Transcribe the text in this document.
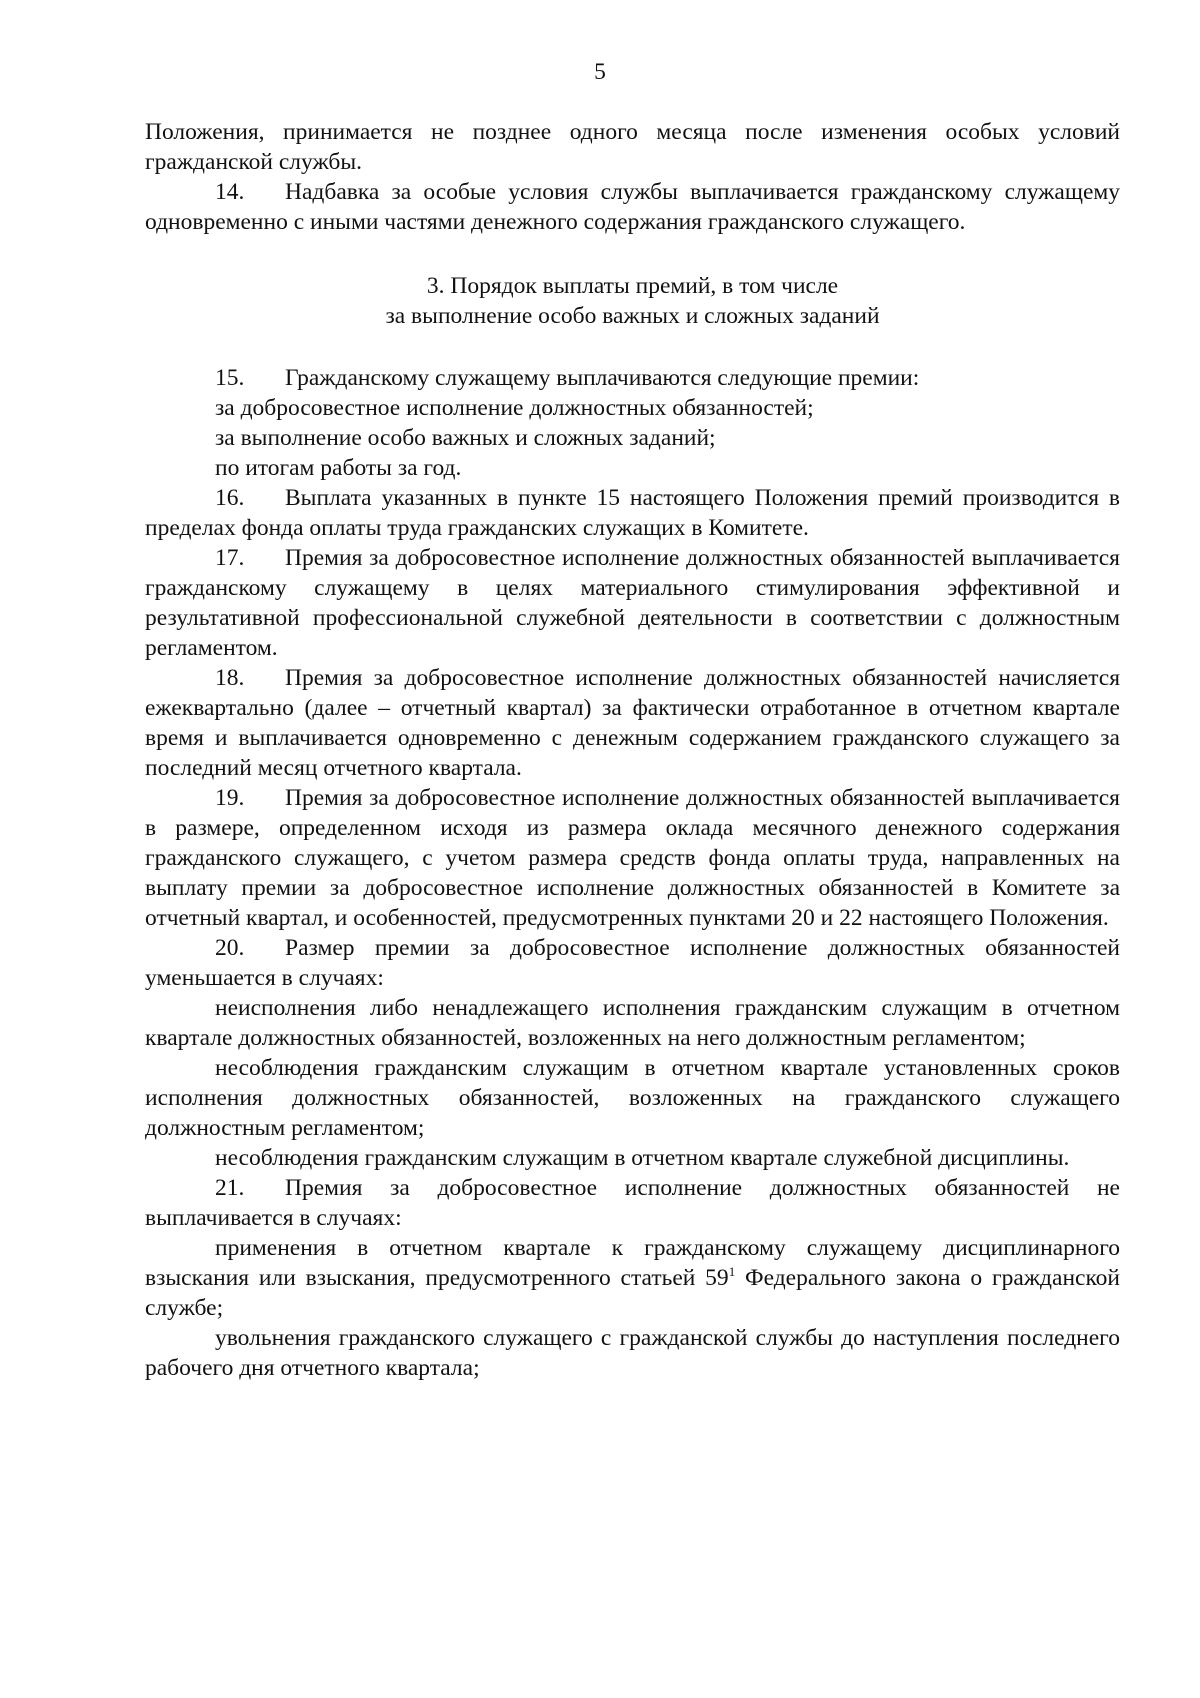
5

Положения, принимается не позднее одного месяца после изменения особых условий гражданской службы.

14. Надбавка за особые условия службы выплачивается гражданскому служащему одновременно с иными частями денежного содержания гражданского служащего.

3. Порядок выплаты премий, в том числе
за выполнение особо важных и сложных заданий

15. Гражданскому служащему выплачиваются следующие премии:

за добросовестное исполнение должностных обязанностей;

за выполнение особо важных и сложных заданий;

по итогам работы за год.

16. Выплата указанных в пункте 15 настоящего Положения премий производится в пределах фонда оплаты труда гражданских служащих в Комитете.

17. Премия за добросовестное исполнение должностных обязанностей выплачивается гражданскому служащему в целях материального стимулирования эффективной и результативной профессиональной служебной деятельности в соответствии с должностным регламентом.

18. Премия за добросовестное исполнение должностных обязанностей начисляется ежеквартально (далее – отчетный квартал) за фактически отработанное в отчетном квартале время и выплачивается одновременно с денежным содержанием гражданского служащего за последний месяц отчетного квартала.

19. Премия за добросовестное исполнение должностных обязанностей выплачивается в размере, определенном исходя из размера оклада месячного денежного содержания гражданского служащего, с учетом размера средств фонда оплаты труда, направленных на выплату премии за добросовестное исполнение должностных обязанностей в Комитете за отчетный квартал, и особенностей, предусмотренных пунктами 20 и 22 настоящего Положения.

20. Размер премии за добросовестное исполнение должностных обязанностей уменьшается в случаях:

неисполнения либо ненадлежащего исполнения гражданским служащим в отчетном квартале должностных обязанностей, возложенных на него должностным регламентом;

несоблюдения гражданским служащим в отчетном квартале установленных сроков исполнения должностных обязанностей, возложенных на гражданского служащего должностным регламентом;

несоблюдения гражданским служащим в отчетном квартале служебной дисциплины.

21. Премия за добросовестное исполнение должностных обязанностей не выплачивается в случаях:

применения в отчетном квартале к гражданскому служащему дисциплинарного взыскания или взыскания, предусмотренного статьей $59^1$ Федерального закона о гражданской службе;

увольнения гражданского служащего с гражданской службы до наступления последнего рабочего дня отчетного квартала;
